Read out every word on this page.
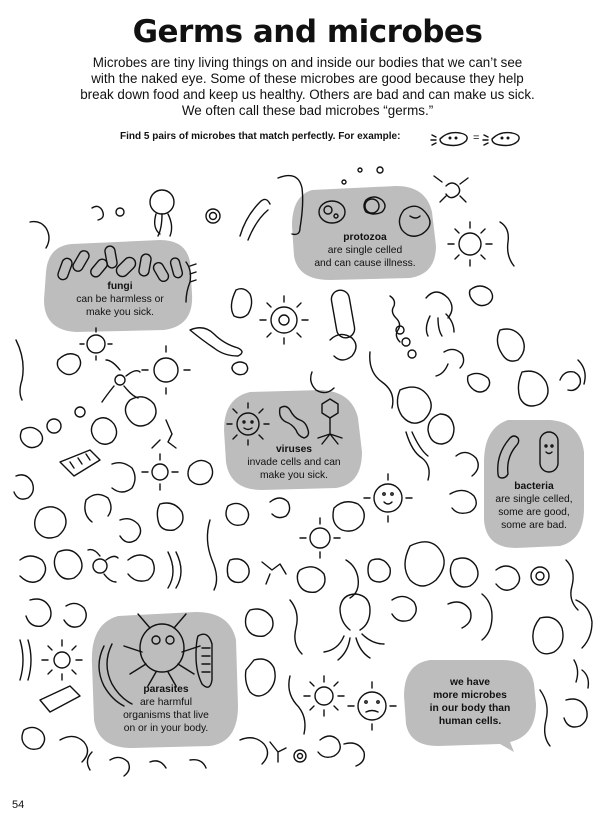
Germs and microbes
Microbes are tiny living things on and inside our bodies that we can’t see
with the naked eye. Some of these microbes are good because they help
break down food and keep us healthy. Others are bad and can make us sick.
We often call these bad microbes “germs.”
Find 5 pairs of microbes that match perfectly. For example:	=
fungi
can be harmless or
make you sick.
protozoa
are single celled
and can cause illness.
viruses
invade cells and can
make you sick.
bacteria
are single celled,
some are good,
some are bad.
parasites
are harmful
organisms that live
on or in your body.
we have
more microbes
in our body than
human cells.
54
